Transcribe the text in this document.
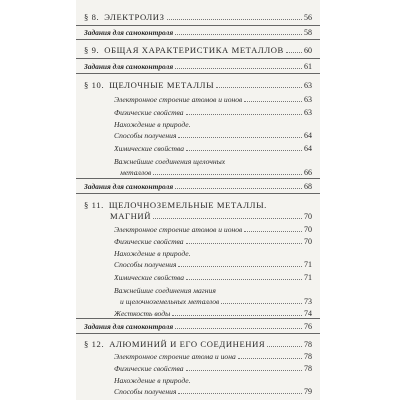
§ 8. ЭЛЕКТРОЛИЗ	56
Задания для самоконтроля	58
§ 9. ОБЩАЯ ХАРАКТЕРИСТИКА МЕТАЛЛОВ	60
Задания для самоконтроля	61
§ 10. ЩЕЛОЧНЫЕ МЕТАЛЛЫ	63
Электронное строение атомов и ионов	63
Физические свойства	63
Нахождение в природе.
Способы получения	64
Химические свойства	64
Важнейшие соединения щелочных
металлов	66
Задания для самоконтроля	68
§ 11. ЩЕЛОЧНОЗЕМЕЛЬНЫЕ МЕТАЛЛЫ.
МАГНИЙ	70
Электронное строение атомов и ионов	70
Физические свойства	70
Нахождение в природе.
Способы получения	71
Химические свойства	71
Важнейшие соединения магния
и щелочноземельных металлов	73
Жесткость воды	74
Задания для самоконтроля	76
§ 12. АЛЮМИНИЙ И ЕГО СОЕДИНЕНИЯ	78
Электронное строение атома и иона	78
Физические свойства	78
Нахождение в природе.
Способы получения	79
